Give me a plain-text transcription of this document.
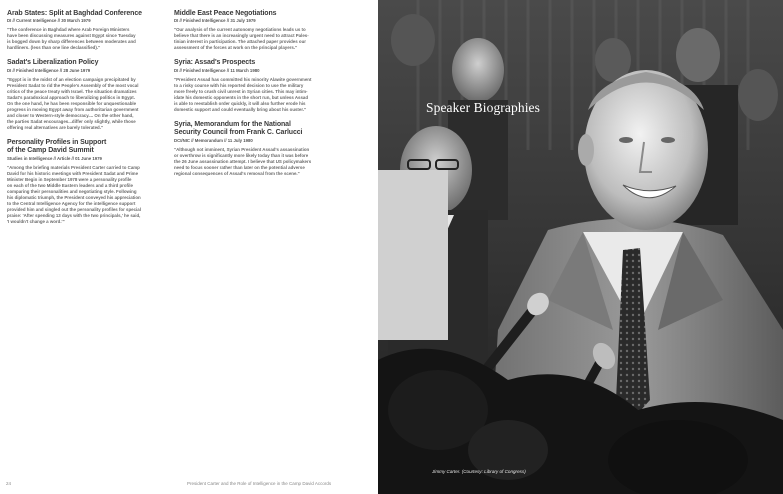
Arab States: Split at Baghdad Conference
DI // Current Intelligence // 30 March 1979
"The conference in Baghdad where Arab Foreign Ministers
have been discussing measures against Egypt since Tuesday
is bogged down by sharp differences between moderates and
hardliners. (less than one line declassified)."
Sadat's Liberalization Policy
DI // Finished Intelligence // 28 June 1979
"Egypt is in the midst of an election campaign precipitated by
President Sadat to rid the People's Assembly of the most vocal
critics of the peace treaty with Israel. The situation dramatizes
Sadat's paradoxical approach to liberalizing politics in Egypt.
On the one hand, he has been responsible for unquestionable
progress in moving Egypt away from authoritarian government
and closer to Western-style democracy.... On the other hand,
the parties Sadat encourages...differ only slightly, while those
offering real alternatives are barely tolerated."
Personality Profiles in Support
of the Camp David Summit
Studies in Intelligence // Article // 01 June 1979
"Among the briefing materials President Carter carried to Camp
David for his historic meetings with President Sadat and Prime
Minister Begin in September 1978 were a personality profile
on each of the two Middle Eastern leaders and a third profile
comparing their personalities and negotiating style. Following
his diplomatic triumph, the President conveyed his appreciation
to the Central Intelligence Agency for the intelligence support
provided him and singled out the personality profiles for special
praise: 'After spending 13 days with the two principals,' he said,
'I wouldn't change a word.'"
Middle East Peace Negotiations
DI // Finished Intelligence // 31 July 1979
"Our analysis of the current autonomy negotiations leads us to
believe that there is an increasingly urgent need to attract Pales-
tinian interest in participation. The attached paper provides our
assessment of the forces at work on the principal players."
Syria: Assad's Prospects
DI // Finished Intelligence // 11 March 1980
"President Assad has committed his minority Alawite government
to a risky course with his reported decision to use the military
more freely to crush civil unrest in Syrian cities. This may intim-
idate his domestic opponents in the short run, but unless Assad
is able to reestablish order quickly, it will also further erode his
domestic support and could eventually bring about his ouster."
Syria, Memorandum for the National
Security Council from Frank C. Carlucci
DCI/NIC // Memorandum // 11 July 1980
"Although not imminent, Syrian President Assad's assassination
or overthrow is significantly more likely today than it was before
the 26 June assassination attempt. I believe that US policymakers
need to focus sooner rather than later on the potential adverse
regional consequences of Assad's removal from the scene."
24	President Carter and the Role of Intelligence in the Camp David Accords
Speaker Biographies
Jimmy Carter. (Courtesy: Library of Congress)
